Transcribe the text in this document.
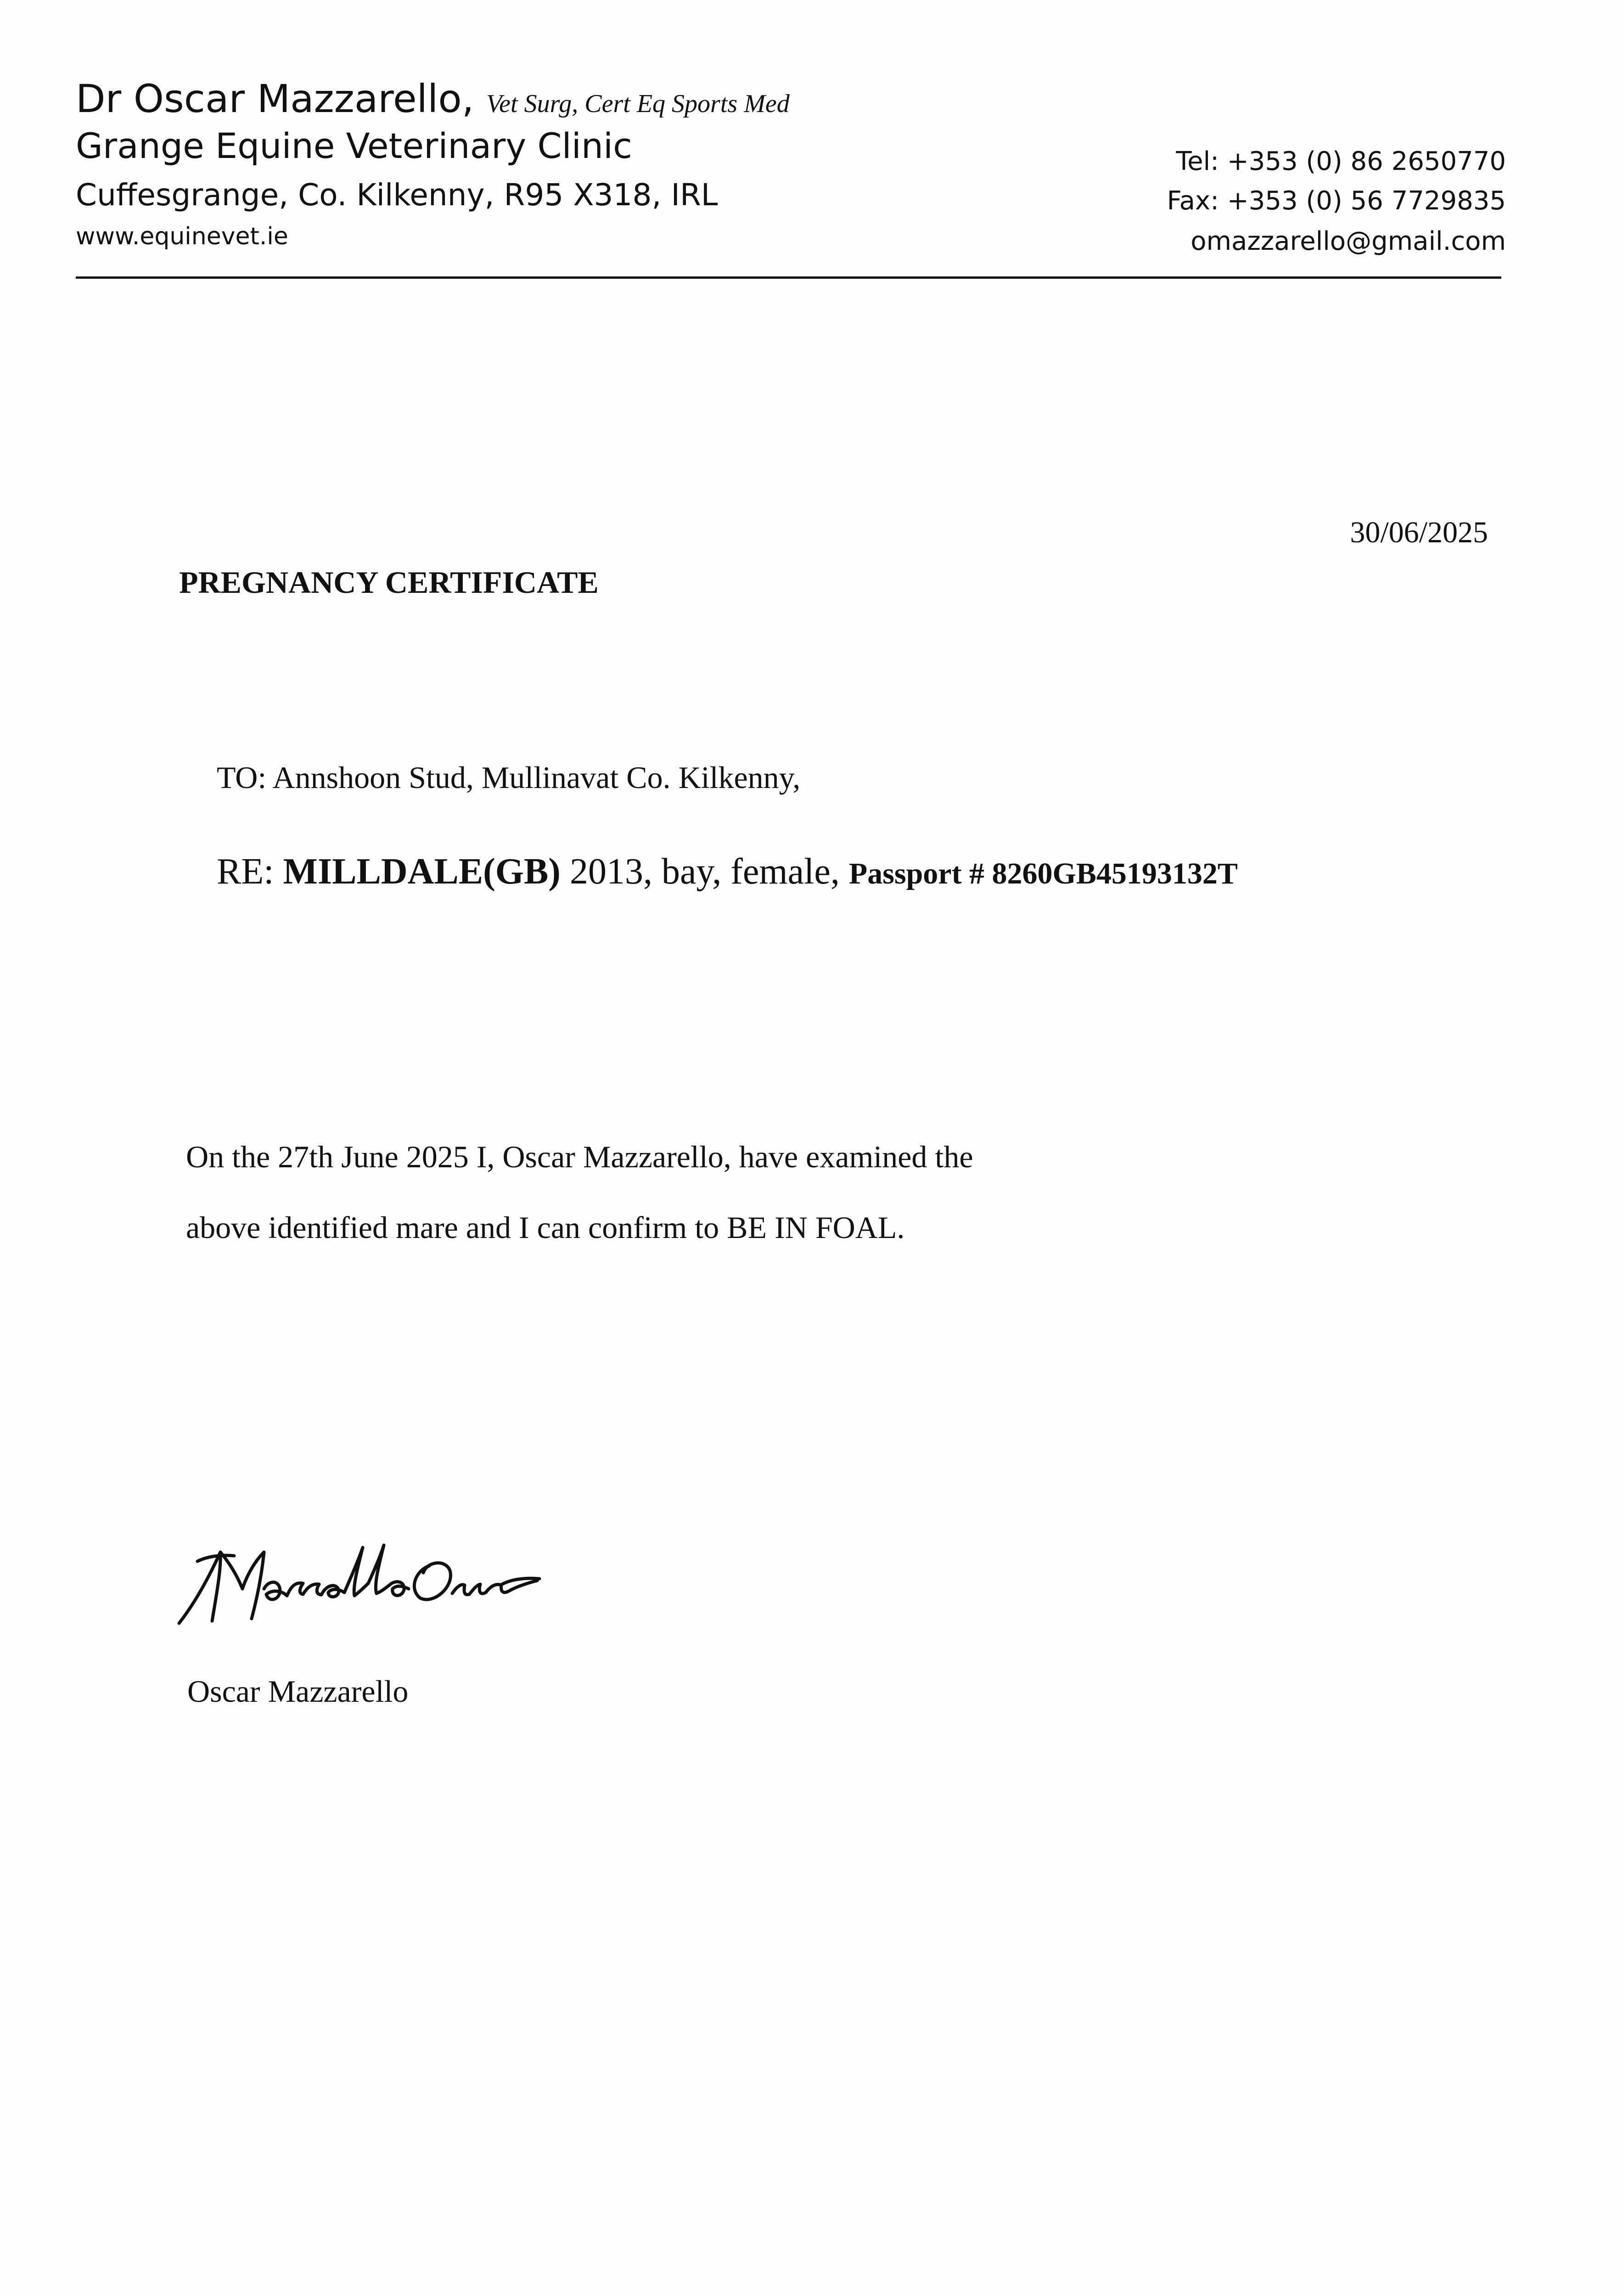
Dr Oscar Mazzarello, Vet Surg, Cert Eq Sports Med
Grange Equine Veterinary Clinic
Cuffesgrange, Co. Kilkenny, R95 X318, IRL
www.equinevet.ie
Tel: +353 (0) 86 2650770
Fax: +353 (0) 56 7729835
omazzarello@gmail.com
30/06/2025
PREGNANCY CERTIFICATE
TO: Annshoon Stud, Mullinavat Co. Kilkenny,
RE: MILLDALE(GB) 2013, bay, female, Passport # 8260GB45193132T
On the 27th June 2025 I, Oscar Mazzarello, have examined the
above identified mare and I can confirm to BE IN FOAL.
Oscar Mazzarello
